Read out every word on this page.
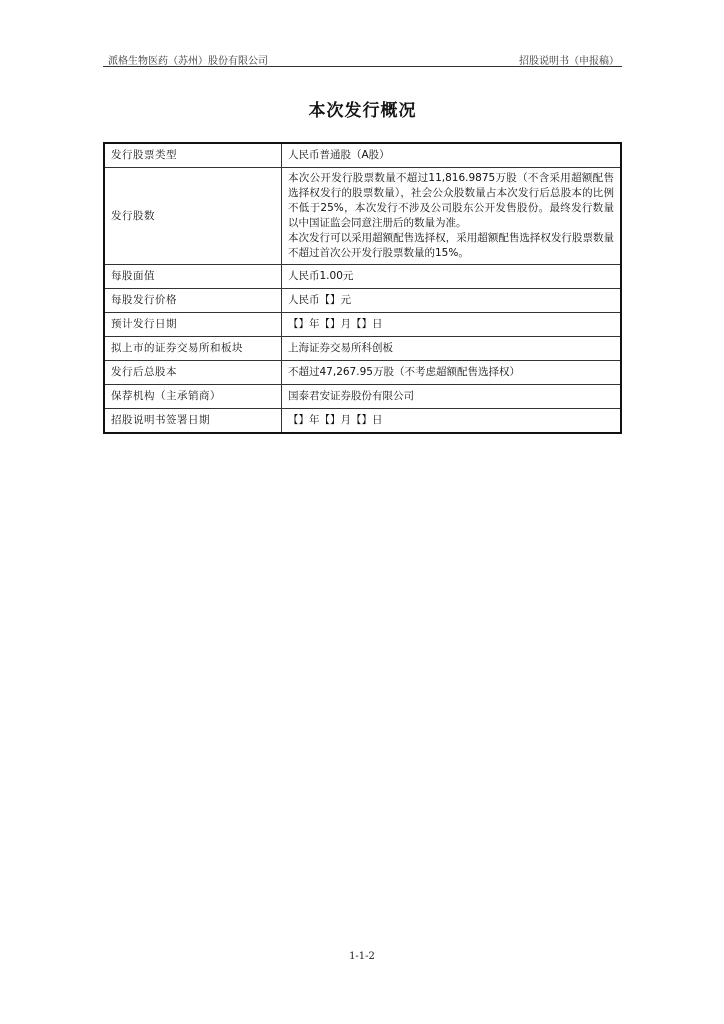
派格生物医药（苏州）股份有限公司	招股说明书（申报稿）
本次发行概况
发行股票类型	人民币普通股（A股）

发行股数	本次公开发行股票数量不超过11,816.9875万股（不含采用超额配售选择权发行的股票数量），社会公众股数量占本次发行后总股本的比例不低于25%，本次发行不涉及公司股东公开发售股份。最终发行数量以中国证监会同意注册后的数量为准。
本次发行可以采用超额配售选择权，采用超额配售选择权发行股票数量不超过首次公开发行股票数量的15%。

每股面值	人民币1.00元

每股发行价格	人民币【】元

预计发行日期	【】年【】月【】日

拟上市的证券交易所和板块	上海证券交易所科创板

发行后总股本	不超过47,267.95万股（不考虑超额配售选择权）

保荐机构（主承销商）	国泰君安证券股份有限公司

招股说明书签署日期	【】年【】月【】日
1-1-2
